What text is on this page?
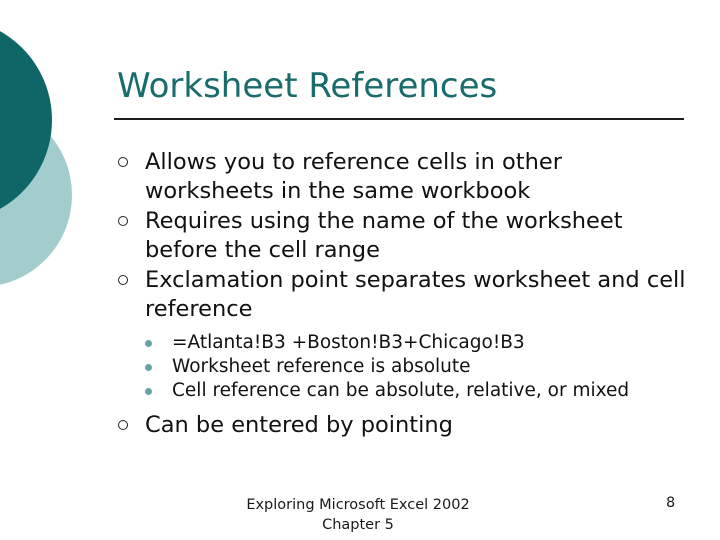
Worksheet References
Allows you to reference cells in other worksheets in the same workbook
Requires using the name of the worksheet before the cell range
Exclamation point separates worksheet and cell reference
=Atlanta!B3 +Boston!B3+Chicago!B3
Worksheet reference is absolute
Cell reference can be absolute, relative, or mixed
Can be entered by pointing
Exploring Microsoft Excel 2002
Chapter 5
8
